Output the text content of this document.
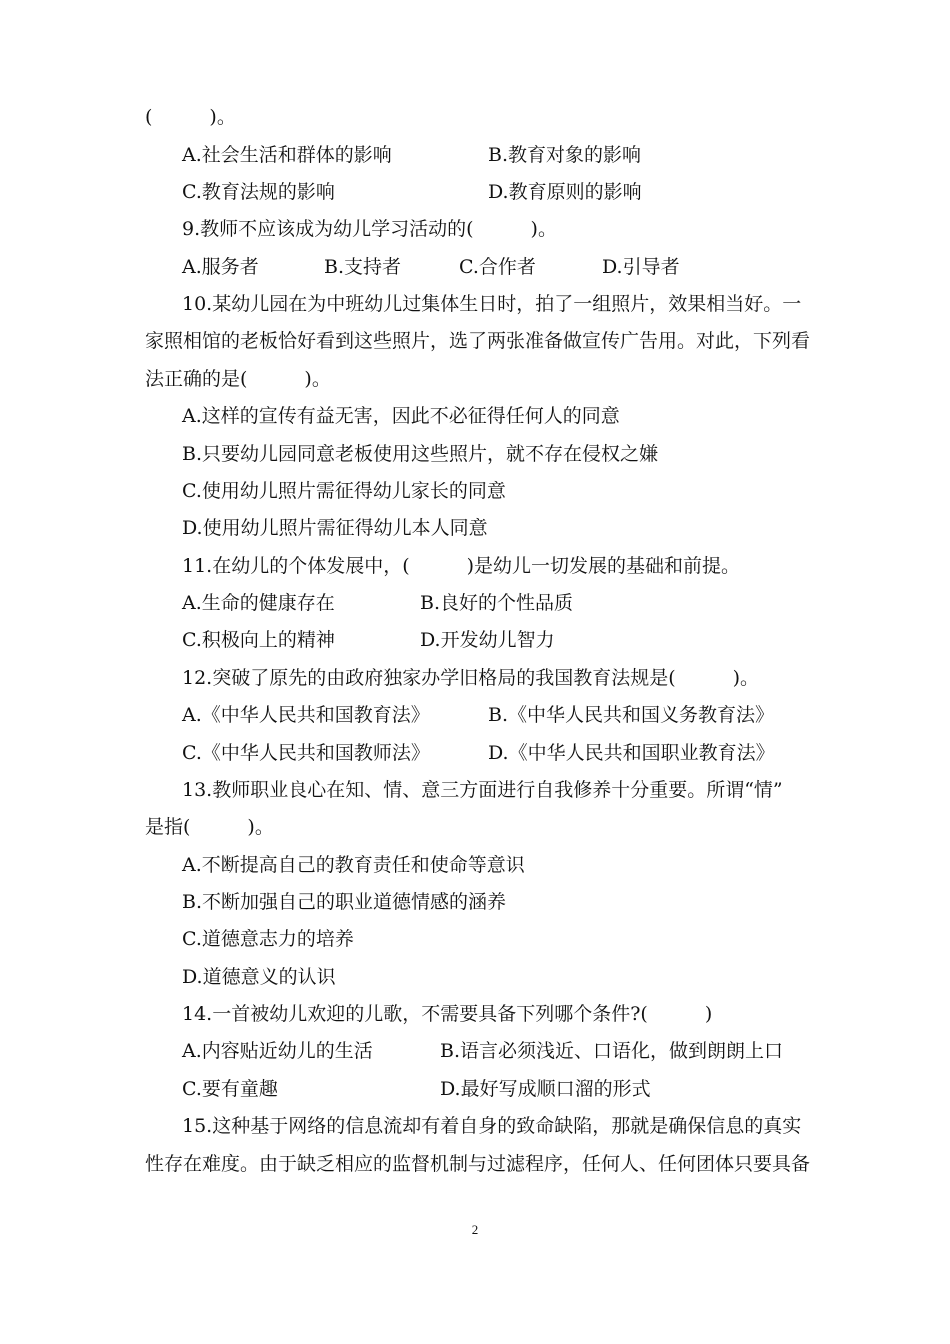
(　　　)。
A.社会生活和群体的影响	B.教育对象的影响
C.教育法规的影响	D.教育原则的影响
9.教师不应该成为幼儿学习活动的(　　　)。
A.服务者	B.支持者	C.合作者	D.引导者
10.某幼儿园在为中班幼儿过集体生日时，拍了一组照片，效果相当好。一
家照相馆的老板恰好看到这些照片，选了两张准备做宣传广告用。对此，下列看
法正确的是(　　　)。
A.这样的宣传有益无害，因此不必征得任何人的同意
B.只要幼儿园同意老板使用这些照片，就不存在侵权之嫌
C.使用幼儿照片需征得幼儿家长的同意
D.使用幼儿照片需征得幼儿本人同意
11.在幼儿的个体发展中，(　　　)是幼儿一切发展的基础和前提。
A.生命的健康存在	B.良好的个性品质
C.积极向上的精神	D.开发幼儿智力
12.突破了原先的由政府独家办学旧格局的我国教育法规是(　　　)。
A.《中华人民共和国教育法》	B.《中华人民共和国义务教育法》
C.《中华人民共和国教师法》	D.《中华人民共和国职业教育法》
13.教师职业良心在知、情、意三方面进行自我修养十分重要。所谓“情”
是指(　　　)。
A.不断提高自己的教育责任和使命等意识
B.不断加强自己的职业道德情感的涵养
C.道德意志力的培养
D.道德意义的认识
14.一首被幼儿欢迎的儿歌，不需要具备下列哪个条件?(　　　)
A.内容贴近幼儿的生活	B.语言必须浅近、口语化，做到朗朗上口
C.要有童趣	D.最好写成顺口溜的形式
15.这种基于网络的信息流却有着自身的致命缺陷，那就是确保信息的真实
性存在难度。由于缺乏相应的监督机制与过滤程序，任何人、任何团体只要具备
2
